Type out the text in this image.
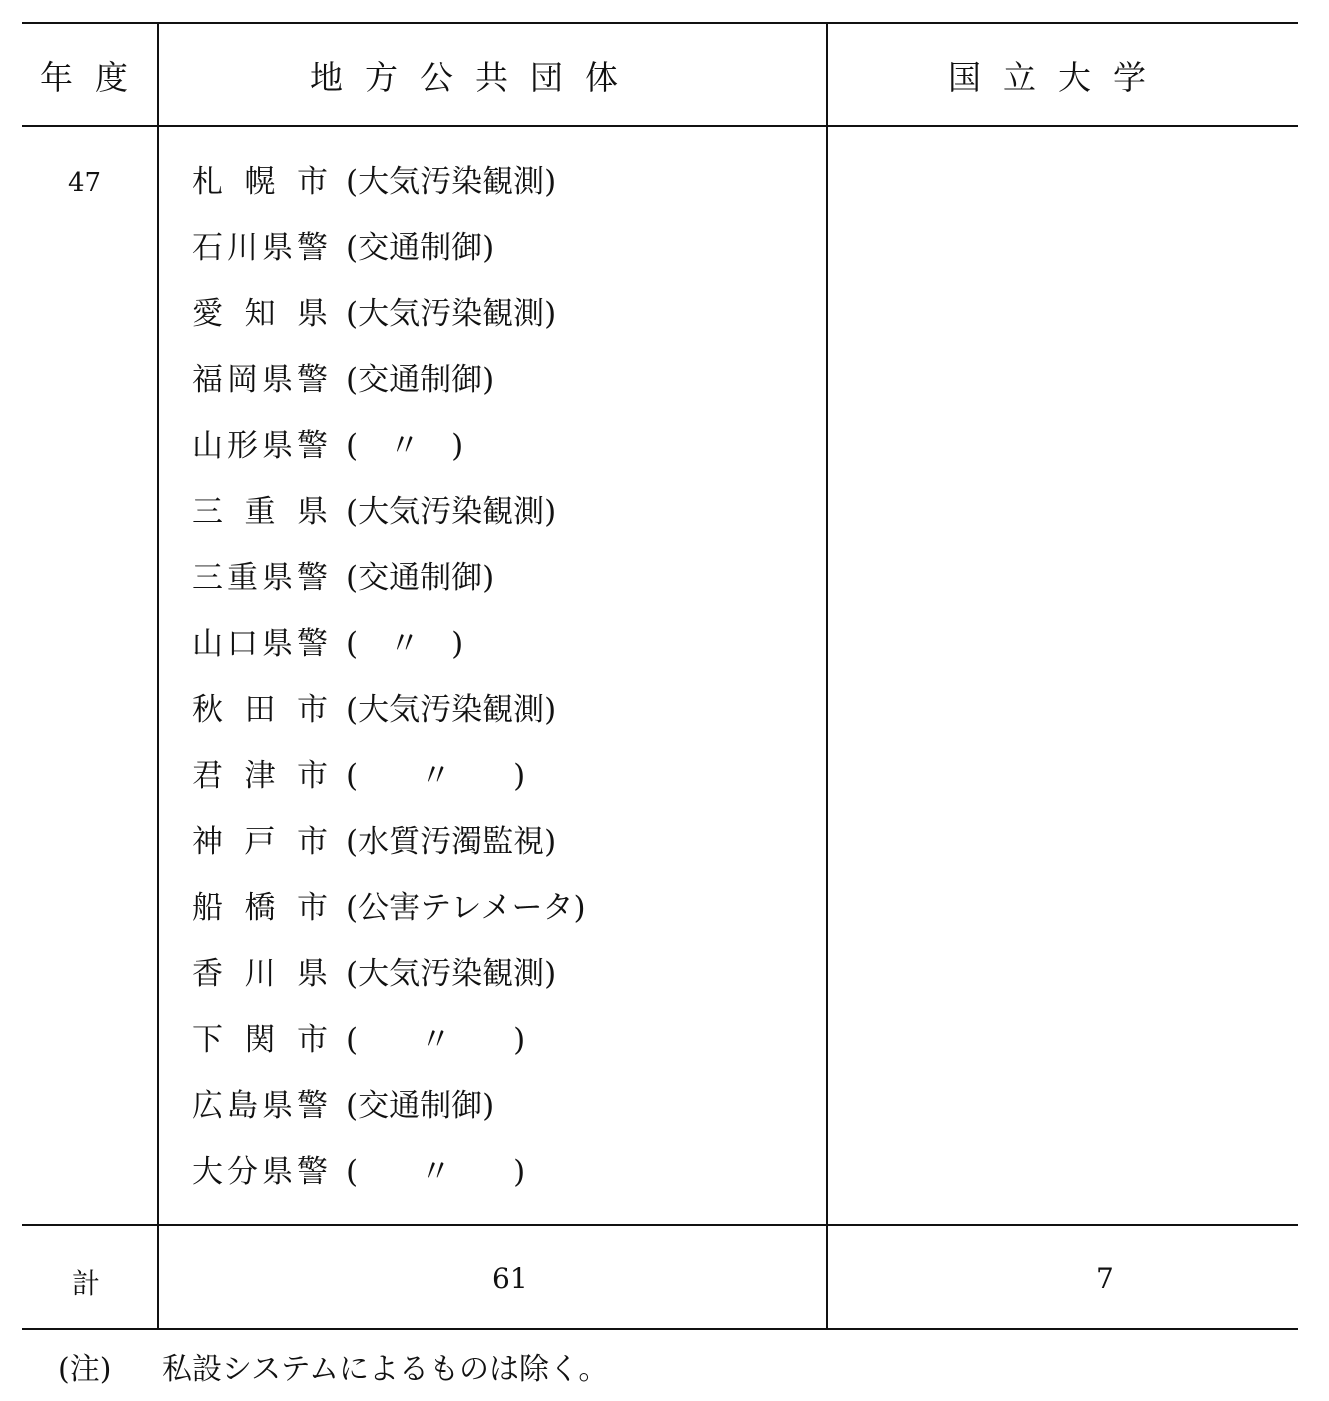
年度	地方公共団体	国立大学
47	札幌市 (大気汚染観測)
石川県警 (交通制御)
愛知県 (大気汚染観測)
福岡県警 (交通制御)
山形県警 (　〃　)
三重県 (大気汚染観測)
三重県警 (交通制御)
山口県警 (　〃　)
秋田市 (大気汚染観測)
君津市 (　　〃　　)
神戸市 (水質汚濁監視)
船橋市 (公害テレメータ)
香川県 (大気汚染観測)
下関市 (　　〃　　)
広島県警 (交通制御)
大分県警 (　　〃　　)
計	61	7
(注) 私設システムによるものは除く。
